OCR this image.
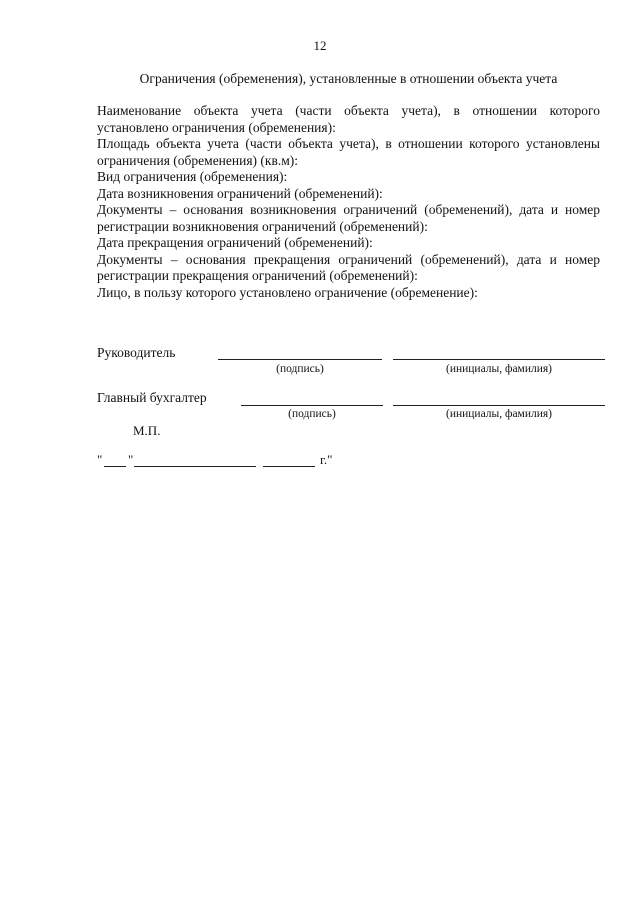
12
Ограничения (обременения), установленные в отношении объекта учета

Наименование объекта учета (части объекта учета), в отношении которого установлено ограничения (обременения):

Площадь объекта учета (части объекта учета), в отношении которого установлены ограничения (обременения) (кв.м):

Вид ограничения (обременения):

Дата возникновения ограничений (обременений):

Документы – основания возникновения ограничений (обременений), дата и номер регистрации возникновения ограничений (обременений):

Дата прекращения ограничений (обременений):

Документы – основания прекращения ограничений (обременений), дата и номер регистрации прекращения ограничений (обременений):

Лицо, в пользу которого установлено ограничение (обременение):

Руководитель
(подпись)	(инициалы, фамилия)
Главный бухгалтер
(подпись)	(инициалы, фамилия)
М.П.
" "	г."
